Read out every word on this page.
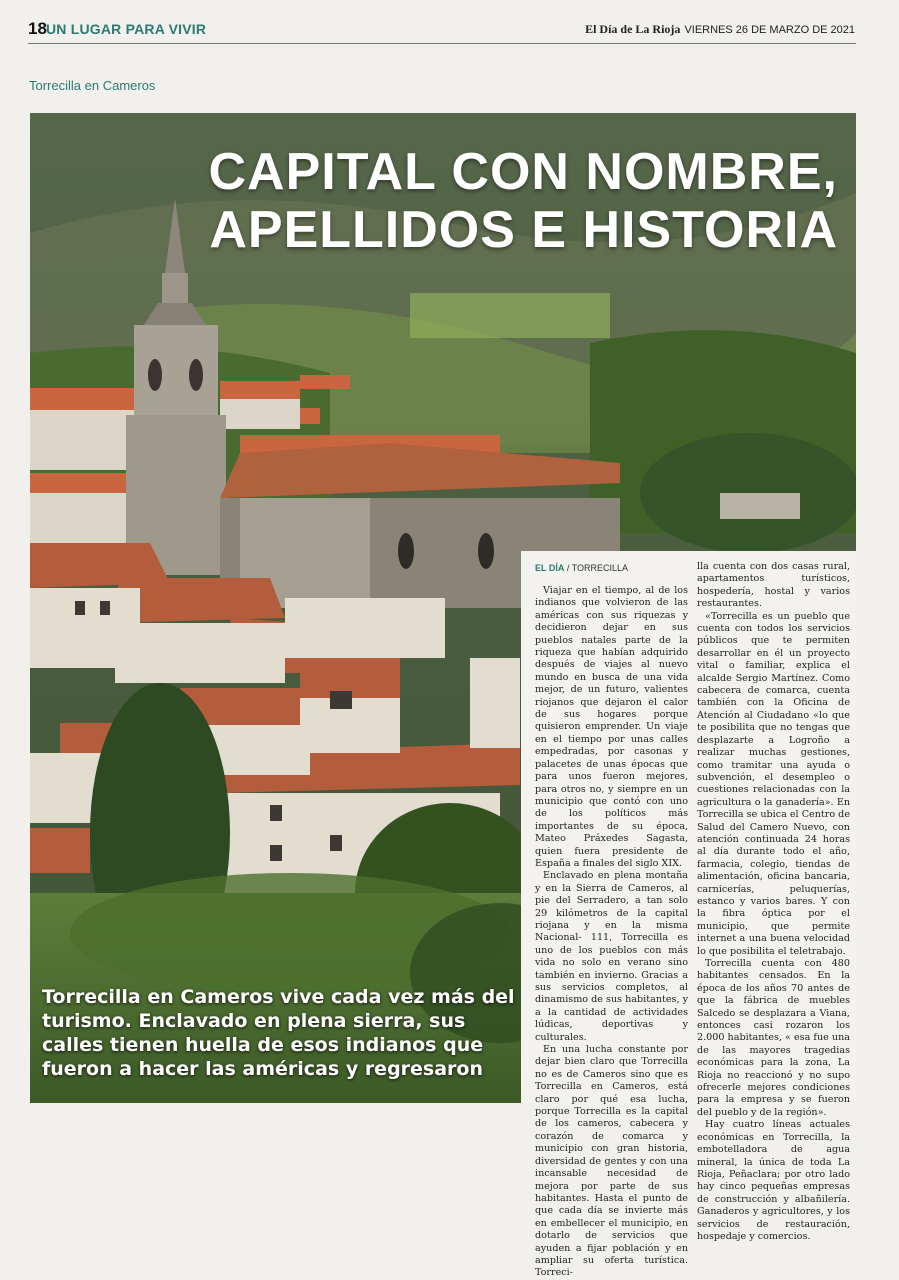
18 UN LUGAR PARA VIVIR	El Día de La Rioja VIERNES 26 DE MARZO DE 2021
Torrecilla en Cameros
CAPITAL CON NOMBRE, APELLIDOS E HISTORIA
Torrecilla en Cameros vive cada vez más del turismo. Enclavado en plena sierra, sus calles tienen huella de esos indianos que fueron a hacer las américas y regresaron
EL DÍA / TORRECILLA

Viajar en el tiempo, al de los indianos que volvieron de las américas con sus riquezas y decidieron dejar en sus pueblos natales parte de la riqueza que habían adquirido después de viajes al nuevo mundo en busca de una vida mejor, de un futuro, valientes riojanos que dejaron el calor de sus hogares porque quisieron emprender. Un viaje en el tiempo por unas calles empedradas, por casonas y palacetes de unas épocas que para unos fueron mejores, para otros no, y siempre en un municipio que contó con uno de los políticos más importantes de su época, Mateo Práxedes Sagasta, quien fuera presidente de España a finales del siglo XIX.

Enclavado en plena montaña y en la Sierra de Cameros, al pie del Serradero, a tan solo 29 kilómetros de la capital riojana y en la misma Nacional- 111, Torrecilla es uno de los pueblos con más vida no solo en verano sino también en invierno. Gracias a sus servicios completos, al dinamismo de sus habitantes, y a la cantidad de actividades lúdicas, deportivas y culturales.

En una lucha constante por dejar bien claro que Torrecilla no es de Cameros sino que es Torrecilla en Cameros, está claro por qué esa lucha, porque Torrecilla es la capital de los cameros, cabecera y corazón de comarca y municipio con gran historia, diversidad de gentes y con una incansable necesidad de mejora por parte de sus habitantes. Hasta el punto de que cada día se invierte más en embellecer el municipio, en dotarlo de servicios que ayuden a fijar población y en ampliar su oferta turística. Torreci-

lla cuenta con dos casas rural, apartamentos turísticos, hospedería, hostal y varios restaurantes.

«Torrecilla es un pueblo que cuenta con todos los servicios públicos que te permiten desarrollar en él un proyecto vital o familiar, explica el alcalde Sergio Martínez. Como cabecera de comarca, cuenta también con la Oficina de Atención al Ciudadano «lo que te posibilita que no tengas que desplazarte a Logroño a realizar muchas gestiones, como tramitar una ayuda o subvención, el desempleo o cuestiones relacionadas con la agricultura o la ganadería». En Torrecilla se ubica el Centro de Salud del Camero Nuevo, con atención continuada 24 horas al día durante todo el año, farmacia, colegio, tiendas de alimentación, oficina bancaria, carnicerías, peluquerías, estanco y varios bares. Y con la fibra óptica por el municipio, que permite internet a una buena velocidad lo que posibilita el teletrabajo.

Torrecilla cuenta con 480 habitantes censados. En la época de los años 70 antes de que la fábrica de muebles Salcedo se desplazara a Viana, entonces casi rozaron los 2.000 habitantes, « esa fue una de las mayores tragedias económicas para la zona, La Rioja no reaccionó y no supo ofrecerle mejores condiciones para la empresa y se fueron del pueblo y de la región».

Hay cuatro líneas actuales económicas en Torrecilla, la embotelladora de agua mineral, la única de toda La Rioja, Peñaclara; por otro lado hay cinco pequeñas empresas de construcción y albañilería. Ganaderos y agricultores, y los servicios de restauración, hospedaje y comercios.
